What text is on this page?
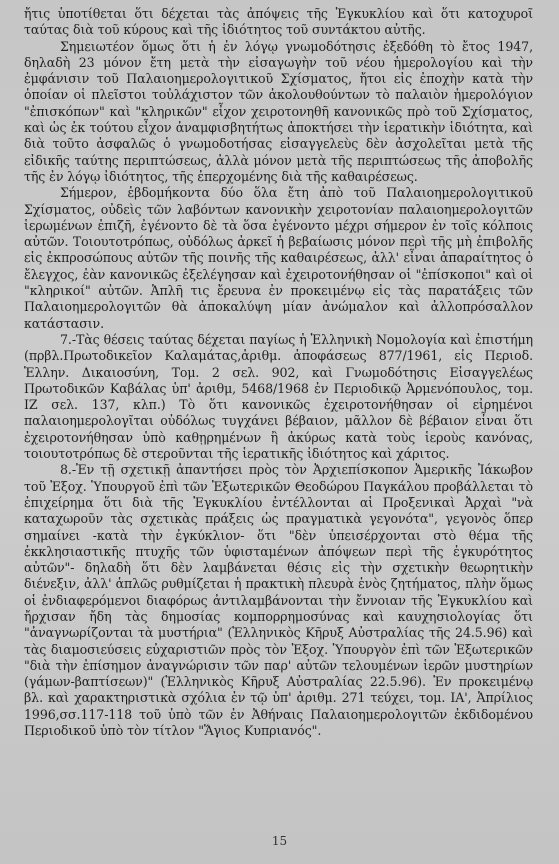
ἤτις ὑποτίθεται ὅτι δέχεται τὰς ἀπόψεις τῆς Ἐγκυκλίου καὶ ὅτι κατοχυροῖ ταύτας διὰ τοῦ κύρους καὶ τῆς ἰδιότητος τοῦ συντάκτου αὐτῆς.

Σημειωτέον ὅμως ὅτι ἡ ἐν λόγῳ γνωμοδότησις ἐξεδόθη τὸ ἔτος 1947, δηλαδὴ 23 μόνον ἔτη μετὰ τὴν εἰσαγωγὴν τοῦ νέου ἡμερολογίου καὶ τὴν ἐμφάνισιν τοῦ Παλαιοημερολογιτικοῦ Σχίσματος, ἤτοι εἰς ἐποχὴν κατὰ τὴν ὁποίαν οἱ πλεῖστοι τοὐλάχιστον τῶν ἀκολουθούντων τὸ παλαιὸν ἡμερολόγιον "ἐπισκόπων" καὶ "κληρικῶν" εἶχον χειροτονηθῆ κανονικῶς πρὸ τοῦ Σχίσματος, καὶ ὡς ἐκ τούτου εἶχον ἀναμφισβητήτως ἀποκτήσει τὴν ἱερατικὴν ἰδιότητα, καὶ διὰ τοῦτο ἀσφαλῶς ὁ γνωμοδοτήσας εἰσαγγελεὺς δὲν ἀσχολεῖται μετὰ τῆς εἰδικῆς ταύτης περιπτώσεως, ἀλλὰ μόνον μετὰ τῆς περιπτώσεως τῆς ἀποβολῆς τῆς ἐν λόγῳ ἰδιότητος, τῆς ἐπερχομένης διὰ τῆς καθαιρέσεως.

Σήμερον, ἑβδομήκοντα δύο ὅλα ἔτη ἀπὸ τοῦ Παλαιοημερολογιτικοῦ Σχίσματος, οὐδεὶς τῶν λαβόντων κανονικὴν χειροτονίαν παλαιοημερολογιτῶν ἱερωμένων ἐπιζῆ, ἐγένοντο δὲ τὰ ὅσα ἐγένοντο μέχρι σήμερον ἐν τοῖς κόλποις αὐτῶν. Τοιουτοτρόπως, οὐδόλως ἀρκεῖ ἡ βεβαίωσις μόνον περὶ τῆς μὴ ἐπιβολῆς εἰς ἐκπροσώπους αὐτῶν τῆς ποινῆς τῆς καθαιρέσεως, ἀλλ' εἶναι ἀπαραίτητος ὁ ἔλεγχος, ἐὰν κανονικῶς ἐξελέγησαν καὶ ἐχειροτονήθησαν οἱ "ἐπίσκοποι" καὶ οἱ "κληρικοί" αὐτῶν. Ἀπλῆ τις ἔρευνα ἐν προκειμένῳ εἰς τὰς παρατάξεις τῶν Παλαιοημερολογιτῶν θὰ ἀποκαλύψη μίαν ἀνώμαλον καὶ ἀλλοπρόσαλλον κατάστασιν.

7.-Τὰς θέσεις ταύτας δέχεται παγίως ἡ Ἑλληνικὴ Νομολογία καὶ ἐπιστήμη (πρβλ.Πρωτοδικεῖον Καλαμάτας,ἀριθμ. ἀποφάσεως 877/1961, εἰς Περιοδ. Ἑλλην. Δικαιοσύνη, Τομ. 2 σελ. 902, καὶ Γνωμοδότησις Εἰσαγγελέως Πρωτοδικῶν Καβάλας ὑπ' ἀριθμ, 5468/1968 ἐν Περιοδικῷ Ἀρμενόπουλος, τομ. ΙΖ σελ. 137, κλπ.) Τὸ ὅτι κανονικῶς ἐχειροτονήθησαν οἱ εἰρημένοι παλαιοημερολογῖται οὐδόλως τυγχάνει βέβαιον, μᾶλλον δὲ βέβαιον εἶναι ὅτι ἐχειροτονήθησαν ὑπὸ καθῃρημένων ἢ ἀκύρως κατὰ τοὺς ἱεροὺς κανόνας, τοιουτοτρόπως δὲ στεροῦνται τῆς ἱερατικῆς ἰδιότητος καὶ χάριτος.

8.-Ἐν τῇ σχετικῇ ἀπαντήσει πρὸς τὸν Ἀρχιεπίσκοπον Ἀμερικῆς Ἰάκωβον τοῦ Ἐξοχ. Ὑπουργοῦ ἐπὶ τῶν Ἐξωτερικῶν Θεοδώρου Παγκάλου προβάλλεται τὸ ἐπιχείρημα ὅτι διὰ τῆς Ἐγκυκλίου ἐντέλλονται αἱ Προξενικαὶ Ἀρχαὶ "νὰ καταχωροῦν τὰς σχετικὰς πράξεις ὡς πραγματικὰ γεγονότα", γεγονὸς ὅπερ σημαίνει -κατὰ τὴν ἐγκύκλιον- ὅτι "δὲν ὑπεισέρχονται στὸ θέμα τῆς ἐκκλησιαστικῆς πτυχῆς τῶν ὑφισταμένων ἀπόψεων περὶ τῆς ἐγκυρότητος αὐτῶν"- δηλαδὴ ὅτι δὲν λαμβάνεται θέσις εἰς τὴν σχετικὴν θεωρητικὴν διένεξιν, ἀλλ' ἁπλῶς ρυθμίζεται ἡ πρακτικὴ πλευρὰ ἑνὸς ζητήματος, πλὴν ὅμως οἱ ἐνδιαφερόμενοι διαφόρως ἀντιλαμβάνονται τὴν ἔννοιαν τῆς Ἐγκυκλίου καὶ ἤρχισαν ἤδη τὰς δημοσίας κομπορρημοσύνας καὶ καυχησιολογίας ὅτι "ἀναγνωρίζονται τὰ μυστήρια" (Ἑλληνικὸς Κῆρυξ Αὐστραλίας τῆς 24.5.96) καὶ τὰς διαμοσιεύσεις εὐχαριστιῶν πρὸς τὸν Ἐξοχ. Ὑπουργὸν ἐπὶ τῶν Ἐξωτερικῶν "διὰ τὴν ἐπίσημον ἀναγνώρισιν τῶν παρ' αὐτῶν τελουμένων ἱερῶν μυστηρίων (γάμων-βαπτίσεων)" (Ἑλληνικὸς Κῆρυξ Αὐστραλίας 22.5.96). Ἐν προκειμένῳ βλ. καὶ χαρακτηριστικὰ σχόλια ἐν τῷ ὑπ' ἀριθμ. 271 τεύχει, τομ. ΙΑ', Ἀπρίλιος 1996,σσ.117-118 τοῦ ὑπὸ τῶν ἐν Ἀθήναις Παλαιοημερολογιτῶν ἐκδιδομένου Περιοδικοῦ ὑπὸ τὸν τίτλον "Ἅγιος Κυπριανός".

15
